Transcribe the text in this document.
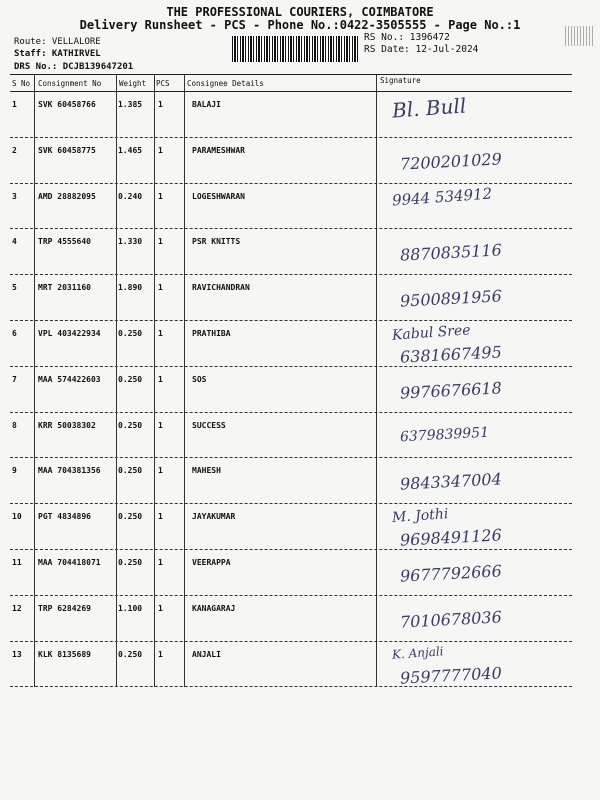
THE PROFESSIONAL COURIERS, COIMBATORE
Delivery Runsheet - PCS - Phone No.:0422-3505555 - Page No.:1
Route: VELLALORE
Staff: KATHIRVEL
DRS No.: DCJB139647201
RS No.: 1396472
RS Date: 12-Jul-2024
S No Consignment No Weight PCS Consignee Details	Signature
1	SVK 60458766	1.385 1	BALAJI	Bl. Bull
2	SVK 60458775	1.465 1	PARAMESHWAR	7200201029
3	AMD 28882095	0.240 1	LOGESHWARAN	9944 534912
4	TRP 4555640	1.330 1	PSR KNITTS	8870835116
5	MRT 2031160	1.890 1	RAVICHANDRAN	9500891956
6	VPL 403422934 0.250 1	PRATHIBA	Kabul Sree
6381667495
7	MAA 574422603 0.250 1	SOS	9976676618
8	KRR 50038302	0.250 1	SUCCESS	6379839951
9	MAA 704381356 0.250 1	MAHESH	9843347004
10 PGT 4834896	0.250 1	JAYAKUMAR	M. Jothi
9698491126
11 MAA 704418071 0.250 1	VEERAPPA	9677792666
12 TRP 6284269	1.100 1	KANAGARAJ	7010678036
13 KLK 8135689	0.250 1	ANJALI	K. Anjali
9597777040
